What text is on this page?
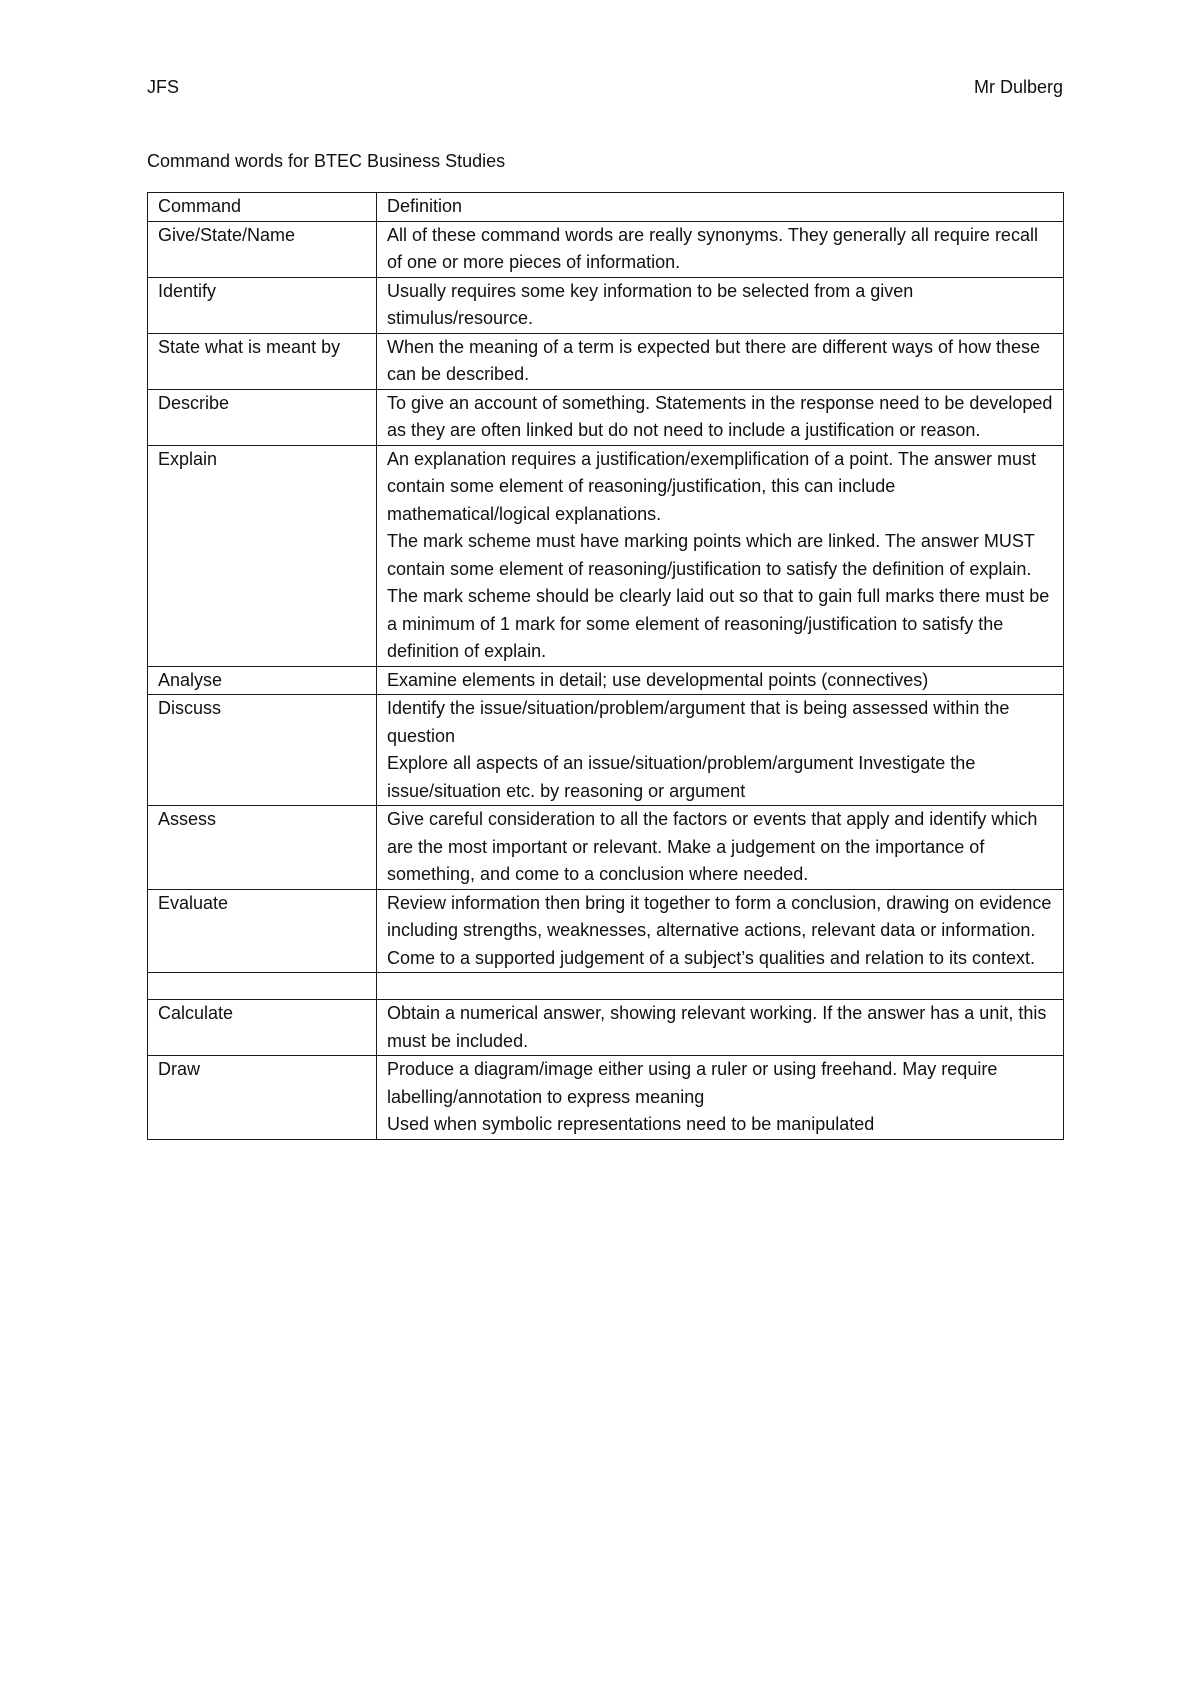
JFS	Mr Dulberg
Command words for BTEC Business Studies
Command	Definition
Give/State/Name	All of these command words are really synonyms. They generally all require recall of one or more pieces of information.
Identify	Usually requires some key information to be selected from a given stimulus/resource.
State what is meant by	When the meaning of a term is expected but there are different ways of how these can be described.
Describe	To give an account of something. Statements in the response need to be developed as they are often linked but do not need to include a justification or reason.
Explain	An explanation requires a justification/exemplification of a point. The answer must contain some element of reasoning/justification, this can include mathematical/logical explanations.
The mark scheme must have marking points which are linked. The answer MUST contain some element of reasoning/justification to satisfy the definition of explain.
The mark scheme should be clearly laid out so that to gain full marks there must be a minimum of 1 mark for some element of reasoning/justification to satisfy the definition of explain.
Analyse	Examine elements in detail; use developmental points (connectives)
Discuss	Identify the issue/situation/problem/argument that is being assessed within the question
Explore all aspects of an issue/situation/problem/argument Investigate the issue/situation etc. by reasoning or argument
Assess	Give careful consideration to all the factors or events that apply and identify which are the most important or relevant. Make a judgement on the importance of something, and come to a conclusion where needed.
Evaluate	Review information then bring it together to form a conclusion, drawing on evidence including strengths, weaknesses, alternative actions, relevant data or information. Come to a supported judgement of a subject’s qualities and relation to its context.

Calculate	Obtain a numerical answer, showing relevant working. If the answer has a unit, this must be included.
Draw	Produce a diagram/image either using a ruler or using freehand. May require labelling/annotation to express meaning
Used when symbolic representations need to be manipulated
